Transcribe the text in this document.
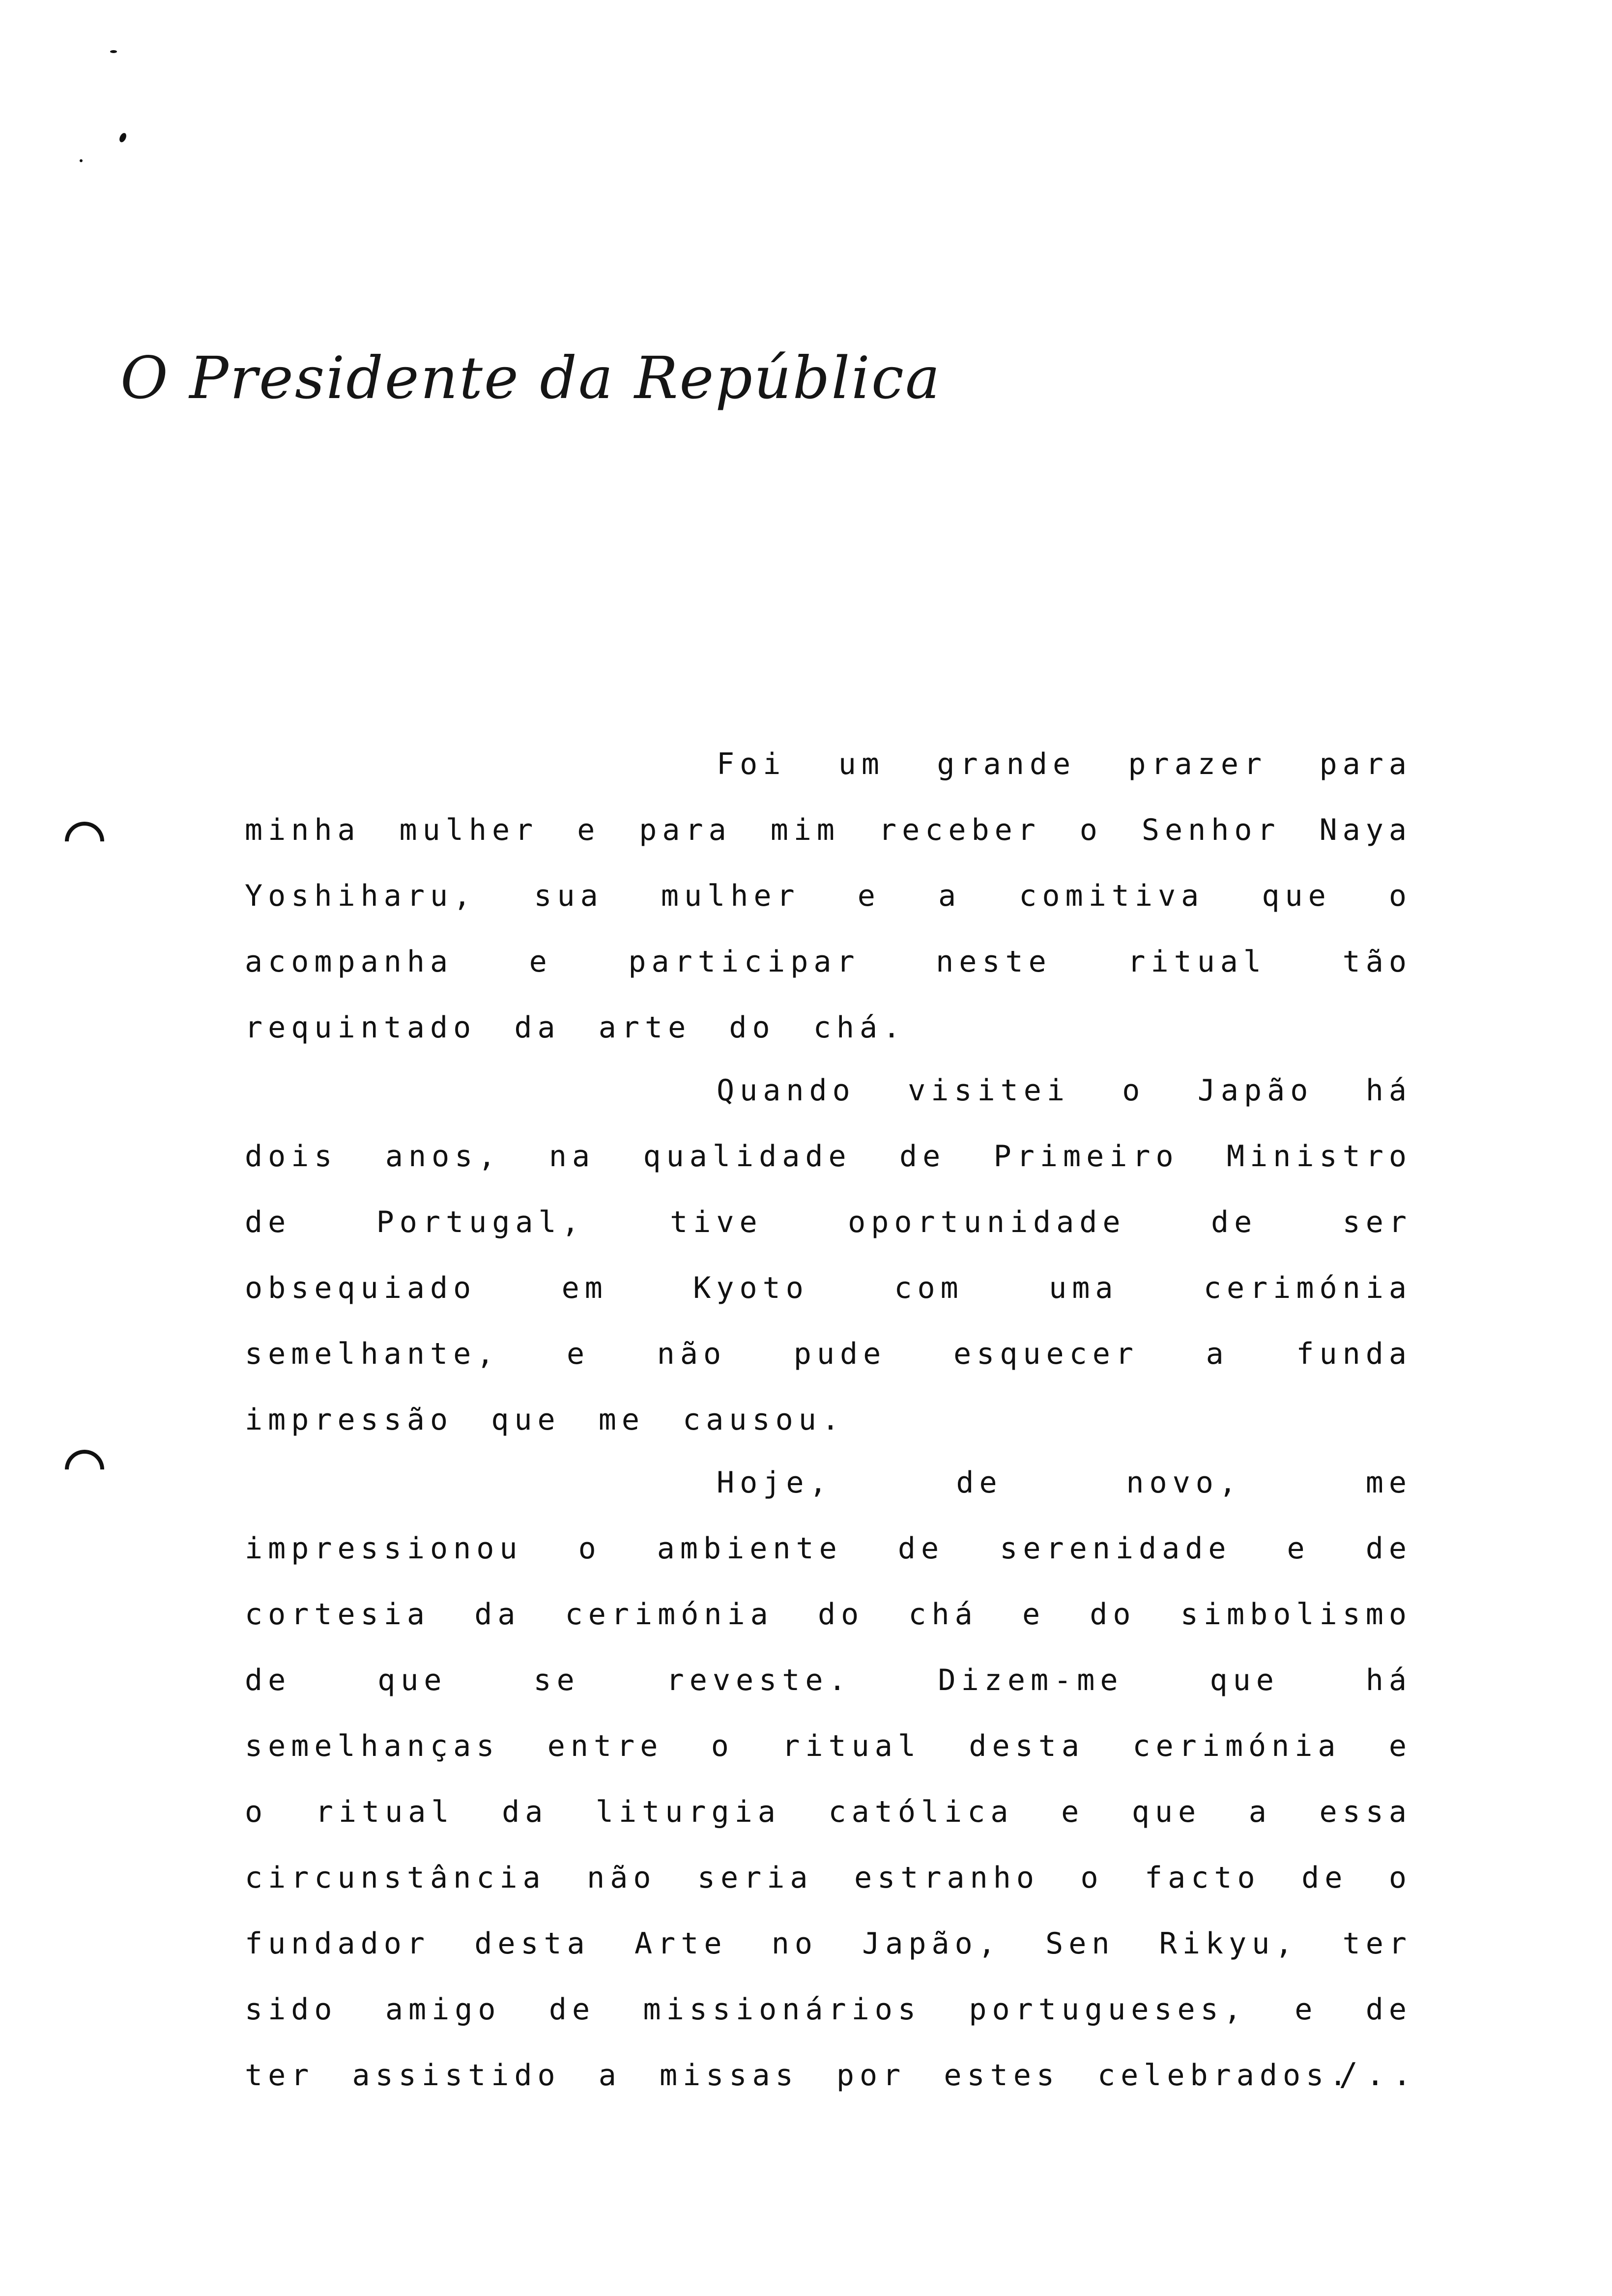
O Presidente da República

Foi um grande prazer para minha mulher e para mim receber o Senhor Naya Yoshiharu, sua mulher e a comitiva que o acompanha e participar neste ritual tão requintado da arte do chá.

Quando visitei o Japão há dois anos, na qualidade de Primeiro Ministro de Portugal, tive oportunidade de ser obsequiado em Kyoto com uma cerimónia semelhante, e não pude esquecer a funda impressão que me causou.

Hoje, de novo, me impressionou o ambiente de serenidade e de cortesia da cerimónia do chá e do simbolismo de que se reveste. Dizem-me que há semelhanças entre o ritual desta cerimónia e o ritual da liturgia católica e que a essa circunstância não seria estranho o facto de o fundador desta Arte no Japão, Sen Rikyu, ter sido amigo de missionários portugueses, e de ter assistido a missas por estes celebrados.

/..
